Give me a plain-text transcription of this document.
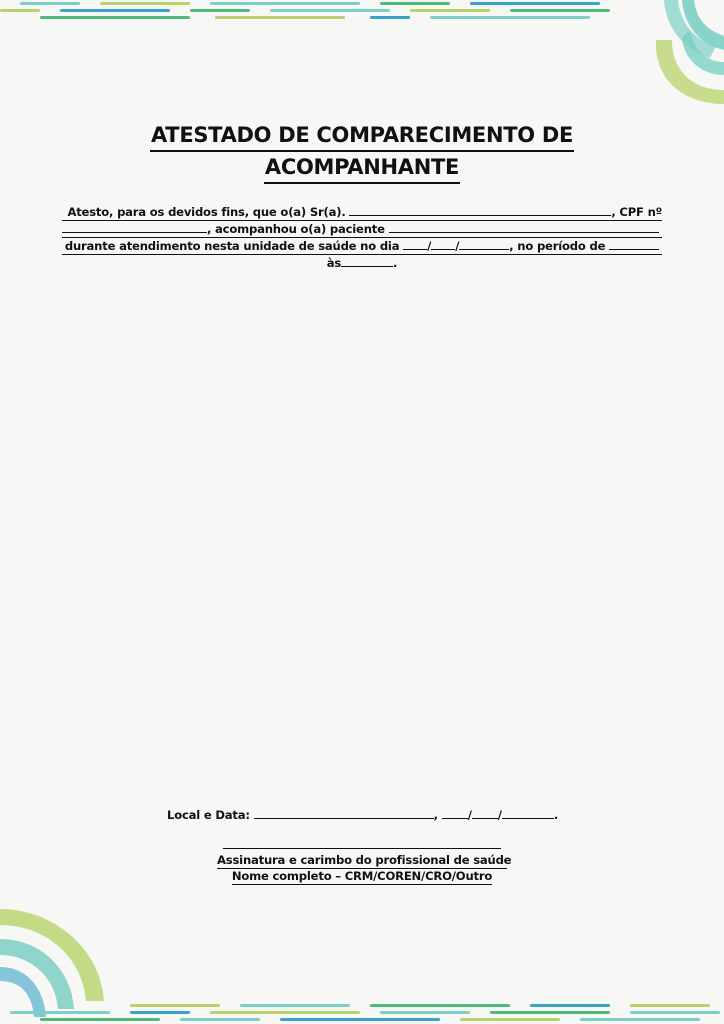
ATESTADO DE COMPARECIMENTO DE
ACOMPANHANTE
Atesto, para os devidos fins, que o(a) Sr(a).	, CPF nº
, acompanhou o(a) paciente
durante atendimento nesta unidade de saúde no dia / /	, no período de
às	.
Local e Data:	,	/ /	.
Assinatura e carimbo do profissional de saúde
Nome completo – CRM/COREN/CRO/Outro
